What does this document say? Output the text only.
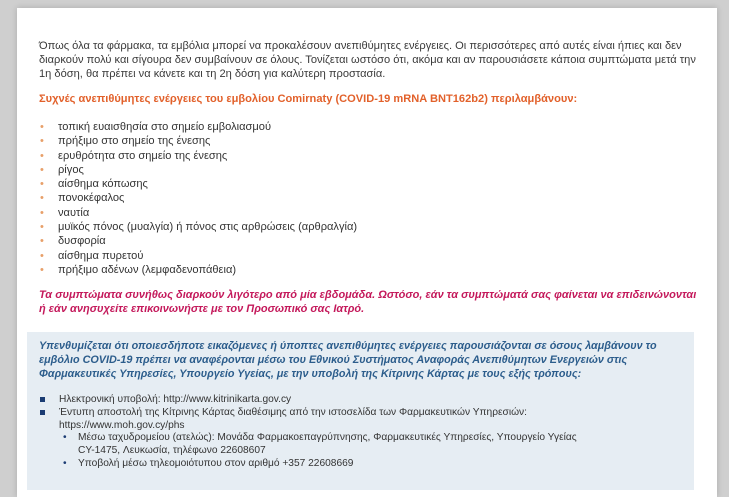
Όπως όλα τα φάρμακα, τα εμβόλια μπορεί να προκαλέσουν ανεπιθύμητες ενέργειες. Οι περισσότερες από αυτές είναι ήπιες και δεν διαρκούν πολύ και σίγουρα δεν συμβαίνουν σε όλους. Τονίζεται ωστόσο ότι, ακόμα και αν παρουσιάσετε κάποια συμπτώματα μετά την 1η δόση, θα πρέπει να κάνετε και τη 2η δόση για καλύτερη προστασία.

Συχνές ανεπιθύμητες ενέργειες του εμβολίου Comirnaty (COVID-19 mRNA BNT162b2) περιλαμβάνουν:

• τοπική ευαισθησία στο σημείο εμβολιασμού
• πρήξιμο στο σημείο της ένεσης
• ερυθρότητα στο σημείο της ένεσης
• ρίγος
• αίσθημα κόπωσης
• πονοκέφαλος
• ναυτία
• μυϊκός πόνος (μυαλγία) ή πόνος στις αρθρώσεις (αρθραλγία)
• δυσφορία
• αίσθημα πυρετού
• πρήξιμο αδένων (λεμφαδενοπάθεια)

Τα συμπτώματα συνήθως διαρκούν λιγότερο από μία εβδομάδα. Ωστόσο, εάν τα συμπτώματά σας φαίνεται να επιδεινώνονται ή εάν ανησυχείτε επικοινωνήστε με τον Προσωπικό σας Ιατρό.

Υπενθυμίζεται ότι οποιεσδήποτε εικαζόμενες ή ύποπτες ανεπιθύμητες ενέργειες παρουσιάζονται σε όσους λαμβάνουν το εμβόλιο COVID-19 πρέπει να αναφέρονται μέσω του Εθνικού Συστήματος Αναφοράς Ανεπιθύμητων Ενεργειών στις Φαρμακευτικές Υπηρεσίες, Υπουργείο Υγείας, με την υποβολή της Κίτρινης Κάρτας με τους εξής τρόπους:

Ηλεκτρονική υποβολή: http://www.kitrinikarta.gov.cy
Έντυπη αποστολή της Κίτρινης Κάρτας διαθέσιμης από την ιστοσελίδα των Φαρμακευτικών Υπηρεσιών:
https://www.moh.gov.cy/phs
• Μέσω ταχυδρομείου (ατελώς): Μονάδα Φαρμακοεπαγρύπνησης, Φαρμακευτικές Υπηρεσίες, Υπουργείο Υγείας
CY-1475, Λευκωσία, τηλέφωνο 22608607
• Υποβολή μέσω τηλεομοιότυπου στον αριθμό +357 22608669
